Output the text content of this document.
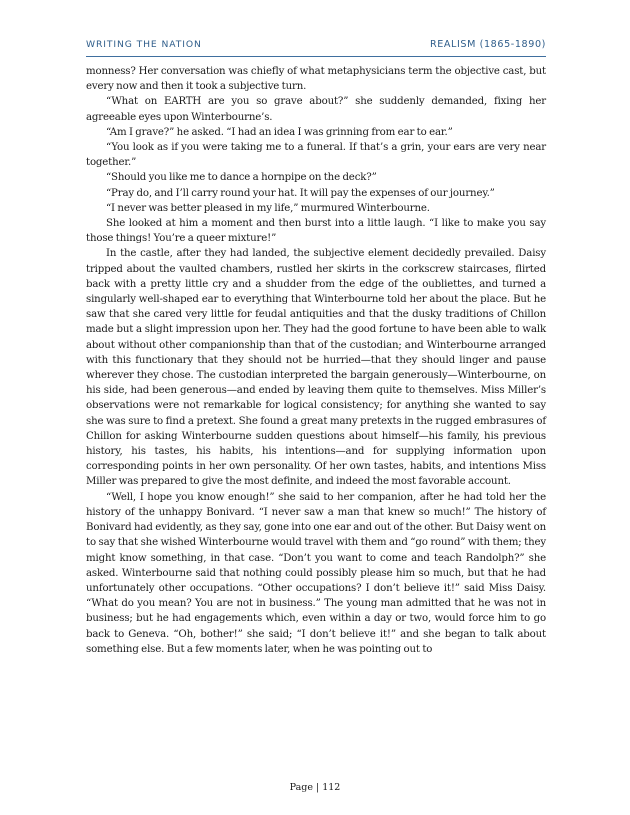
WRITING THE NATION	REALISM (1865-1890)

monness? Her conversation was chiefly of what metaphysicians term the objective cast, but every now and then it took a subjective turn.

“What on EARTH are you so grave about?” she suddenly demanded, fixing her agreeable eyes upon Winterbourne’s.

“Am I grave?” he asked. “I had an idea I was grinning from ear to ear.”

“You look as if you were taking me to a funeral. If that’s a grin, your ears are very near together.”

“Should you like me to dance a hornpipe on the deck?”

“Pray do, and I’ll carry round your hat. It will pay the expenses of our journey.”

“I never was better pleased in my life,” murmured Winterbourne.

She looked at him a moment and then burst into a little laugh. “I like to make you say those things! You’re a queer mixture!”

In the castle, after they had landed, the subjective element decidedly prevailed. Daisy tripped about the vaulted chambers, rustled her skirts in the corkscrew staircases, flirted back with a pretty little cry and a shudder from the edge of the oubliettes, and turned a singularly well-shaped ear to everything that Winterbourne told her about the place. But he saw that she cared very little for feudal antiquities and that the dusky traditions of Chillon made but a slight impression upon her. They had the good fortune to have been able to walk about without other companionship than that of the custodian; and Winterbourne arranged with this functionary that they should not be hurried—that they should linger and pause wherever they chose. The custodian interpreted the bargain generously—Winterbourne, on his side, had been generous—and ended by leaving them quite to themselves. Miss Miller’s observations were not remarkable for logical consistency; for anything she wanted to say she was sure to find a pretext. She found a great many pretexts in the rugged embrasures of Chillon for asking Winterbourne sudden questions about himself—his family, his previous history, his tastes, his habits, his intentions—and for supplying information upon corresponding points in her own personality. Of her own tastes, habits, and intentions Miss Miller was prepared to give the most definite, and indeed the most favorable account.

“Well, I hope you know enough!” she said to her companion, after he had told her the history of the unhappy Bonivard. “I never saw a man that knew so much!” The history of Bonivard had evidently, as they say, gone into one ear and out of the other. But Daisy went on to say that she wished Winterbourne would travel with them and “go round” with them; they might know something, in that case. “Don’t you want to come and teach Randolph?” she asked. Winterbourne said that nothing could possibly please him so much, but that he had unfortunately other occupations. “Other occupations? I don’t believe it!” said Miss Daisy. “What do you mean? You are not in business.” The young man admitted that he was not in business; but he had engagements which, even within a day or two, would force him to go back to Geneva. “Oh, bother!” she said; “I don’t believe it!” and she began to talk about something else. But a few moments later, when he was pointing out to

Page | 112
